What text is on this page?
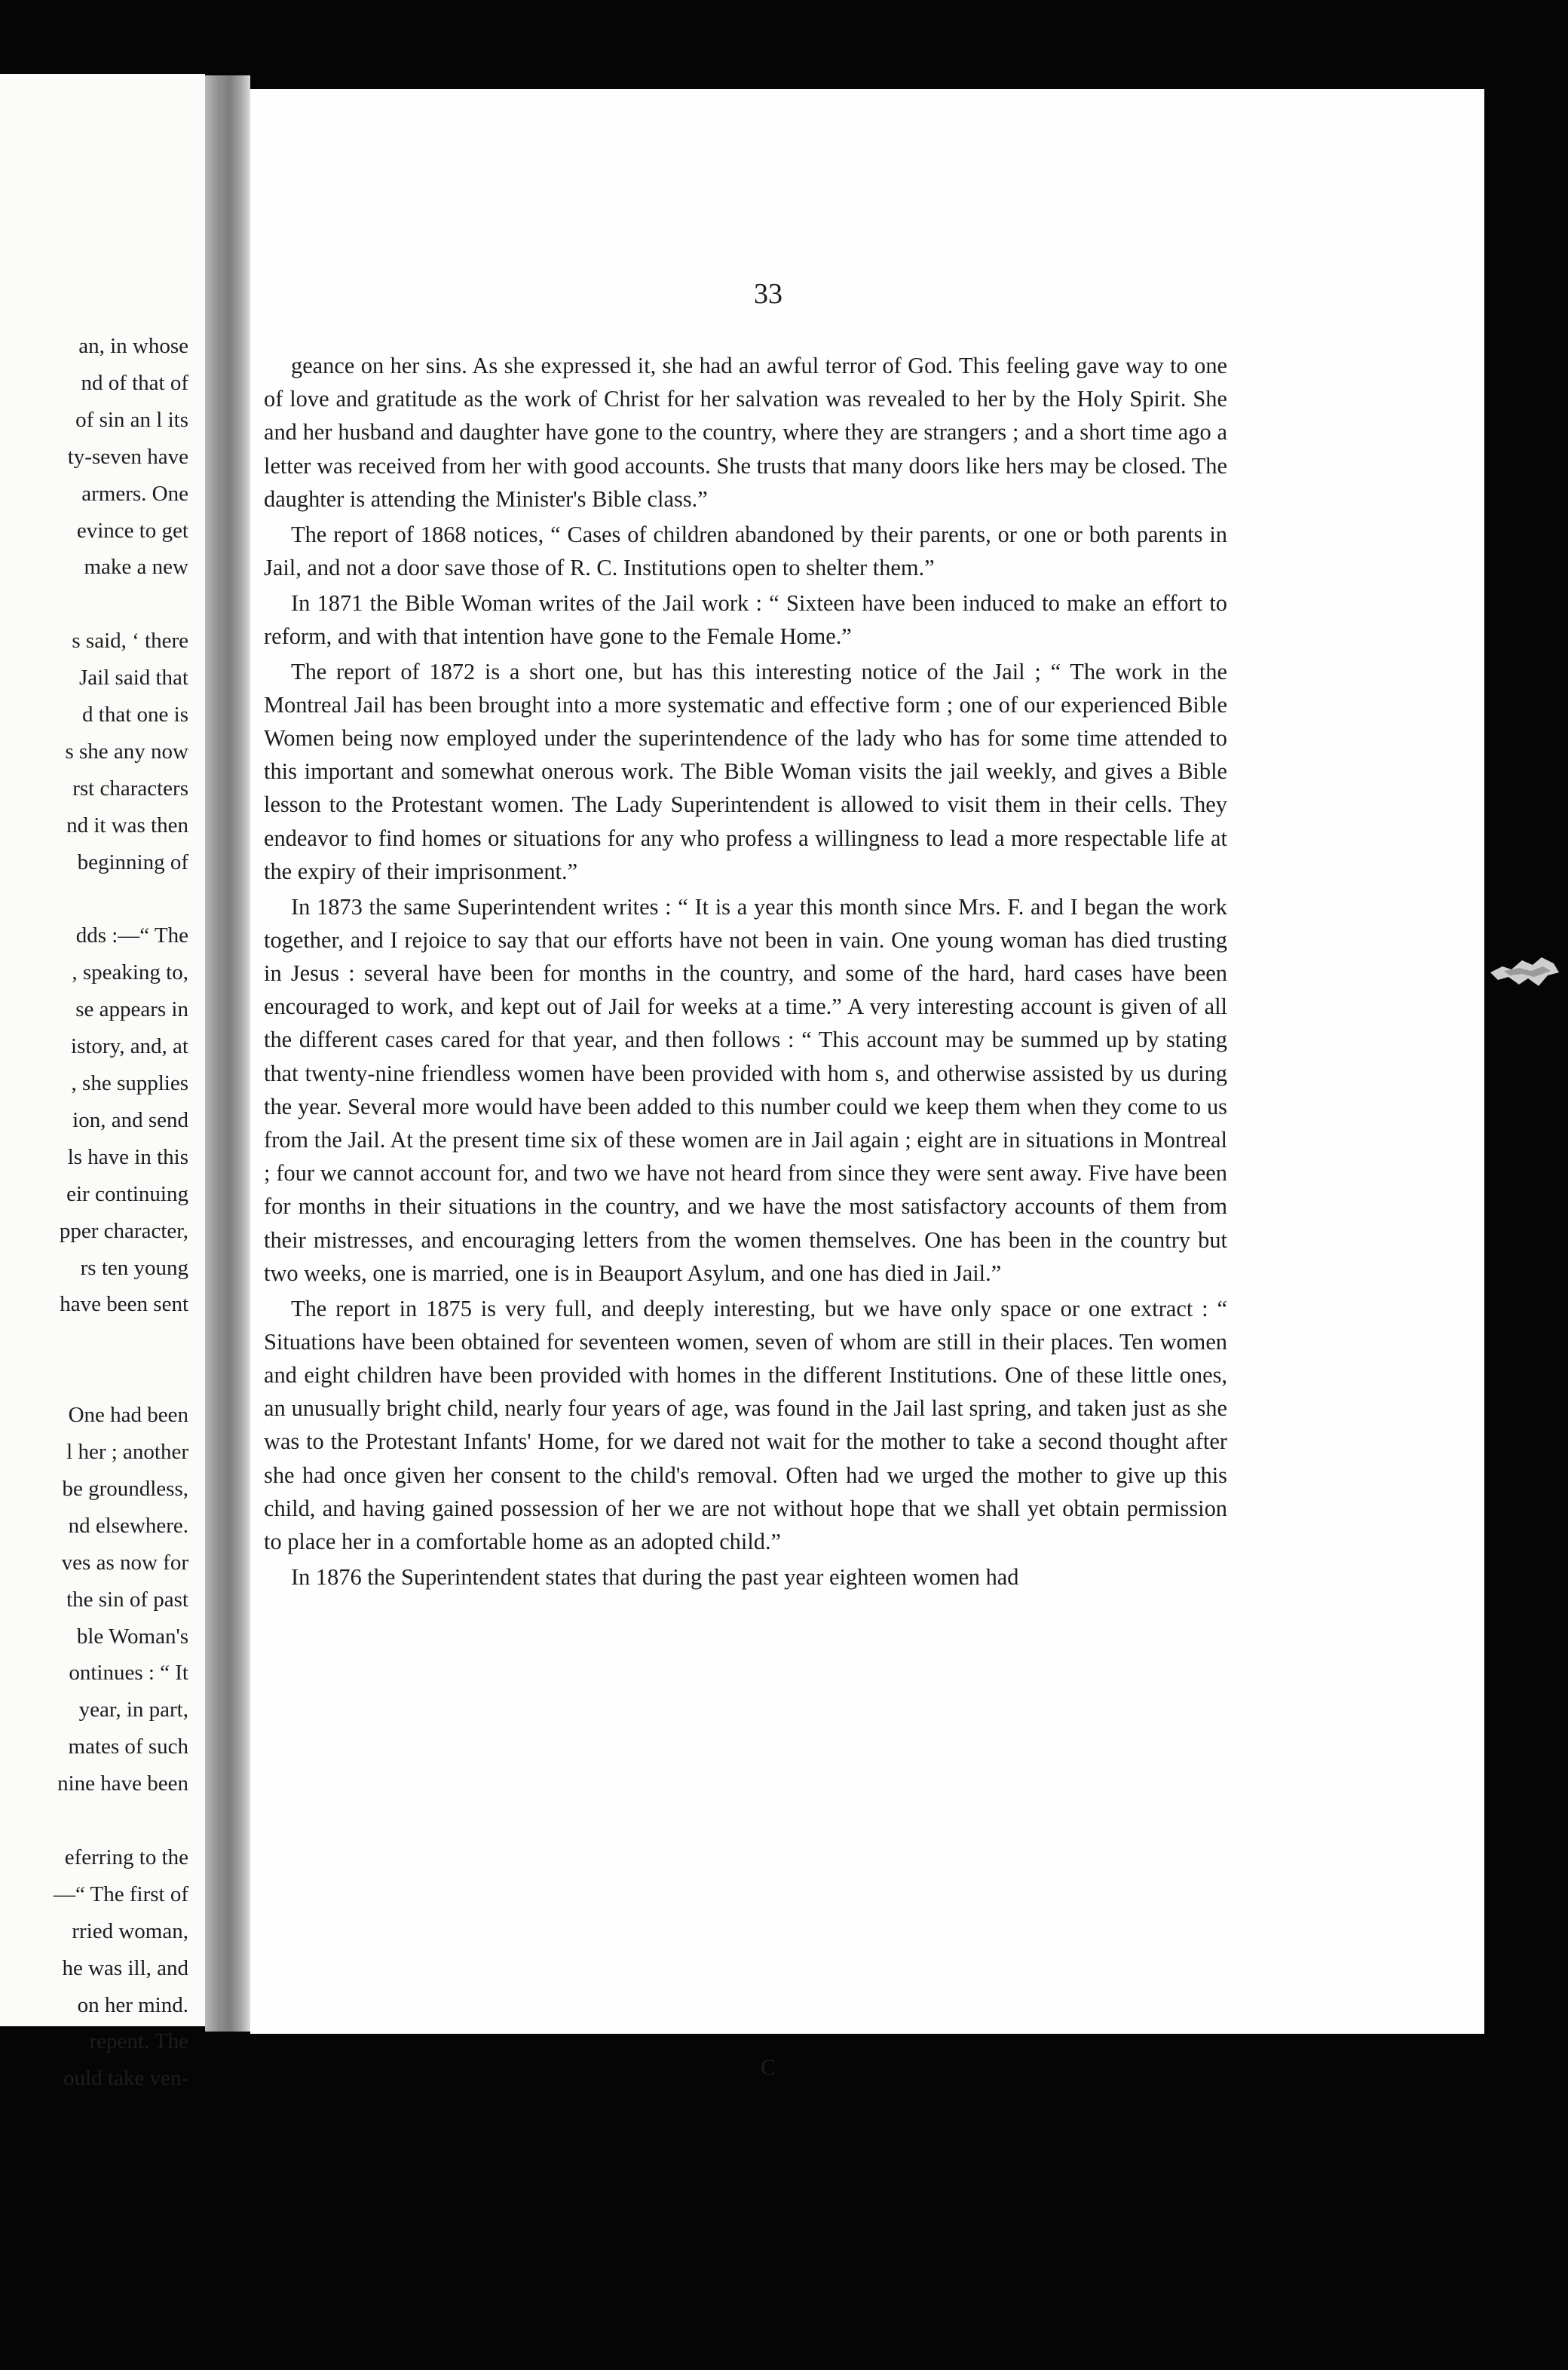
an, in whose

nd of that of

of sin an l its

ty-seven have

armers. One

evince to get

make a new

s said, ‘ there

Jail said that

d that one is

s she any now

rst characters

nd it was then

beginning of

dds :—“ The

, speaking to,

se appears in

istory, and, at

, she supplies

ion, and send

ls have in this

eir continuing

pper character,

rs ten young

have been sent

One had been

l her ; another

be groundless,

nd elsewhere.

ves as now for

the sin of past

ble Woman's

ontinues : “ It

year, in part,

mates of such

nine have been

eferring to the

—“ The first of

rried woman,

he was ill, and

on her mind.

repent. The

ould take ven-

33

geance on her sins. As she expressed it, she had an awful terror of God. This feeling gave way to one of love and gratitude as the work of Christ for her salvation was revealed to her by the Holy Spirit. She and her husband and daughter have gone to the country, where they are strangers ; and a short time ago a letter was received from her with good accounts. She trusts that many doors like hers may be closed. The daughter is attending the Minister's Bible class.”

The report of 1868 notices, “ Cases of children abandoned by their parents, or one or both parents in Jail, and not a door save those of R. C. Institutions open to shelter them.”

In 1871 the Bible Woman writes of the Jail work : “ Sixteen have been induced to make an effort to reform, and with that intention have gone to the Female Home.”

The report of 1872 is a short one, but has this interesting notice of the Jail ; “ The work in the Montreal Jail has been brought into a more systematic and effective form ; one of our experienced Bible Women being now employed under the superintendence of the lady who has for some time attended to this important and somewhat onerous work. The Bible Woman visits the jail weekly, and gives a Bible lesson to the Protestant women. The Lady Superintendent is allowed to visit them in their cells. They endeavor to find homes or situations for any who profess a willingness to lead a more respectable life at the expiry of their imprisonment.”

In 1873 the same Superintendent writes : “ It is a year this month since Mrs. F. and I began the work together, and I rejoice to say that our efforts have not been in vain. One young woman has died trusting in Jesus : several have been for months in the country, and some of the hard, hard cases have been encouraged to work, and kept out of Jail for weeks at a time.” A very interesting account is given of all the different cases cared for that year, and then follows : “ This account may be summed up by stating that twenty-nine friendless women have been provided with hom s, and otherwise assisted by us during the year. Several more would have been added to this number could we keep them when they come to us from the Jail. At the present time six of these women are in Jail again ; eight are in situations in Montreal ; four we cannot account for, and two we have not heard from since they were sent away. Five have been for months in their situations in the country, and we have the most satisfactory accounts of them from their mistresses, and encouraging letters from the women themselves. One has been in the country but two weeks, one is married, one is in Beauport Asylum, and one has died in Jail.”

The report in 1875 is very full, and deeply interesting, but we have only space or one extract : “ Situations have been obtained for seventeen women, seven of whom are still in their places. Ten women and eight children have been provided with homes in the different Institutions. One of these little ones, an unusually bright child, nearly four years of age, was found in the Jail last spring, and taken just as she was to the Protestant Infants' Home, for we dared not wait for the mother to take a second thought after she had once given her consent to the child's removal. Often had we urged the mother to give up this child, and having gained possession of her we are not without hope that we shall yet obtain permission to place her in a comfortable home as an adopted child.”

In 1876 the Superintendent states that during the past year eighteen women had

C
